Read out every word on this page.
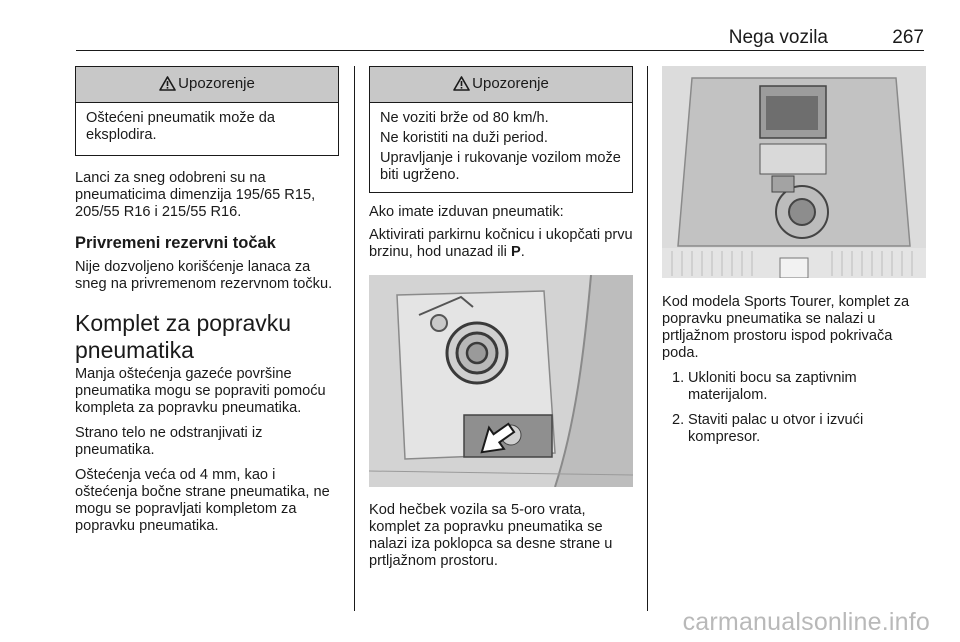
Nega vozila	267
Upozorenje

Oštećeni pneumatik može da eksplodira.

Lanci za sneg odobreni su na pneumaticima dimenzija 195/65 R15, 205/55 R16 i 215/55 R16.

Privremeni rezervni točak

Nije dozvoljeno korišćenje lanaca za sneg na privremenom rezervnom točku.

Komplet za popravku pneumatika

Manja oštećenja gazeće površine pneumatika mogu se popraviti pomoću kompleta za popravku pneumatika.

Strano telo ne odstranjivati iz pneumatika.

Oštećenja veća od 4 mm, kao i oštećenja bočne strane pneumatika, ne mogu se popravljati kompletom za popravku pneumatika.

Upozorenje

Ne voziti brže od 80 km/h.

Ne koristiti na duži period.

Upravljanje i rukovanje vozilom može biti ugrženo.

Ako imate izduvan pneumatik:

Aktivirati parkirnu kočnicu i ukopčati prvu brzinu, hod unazad ili P.

Kod hečbek vozila sa 5-oro vrata, komplet za popravku pneumatika se nalazi iza poklopca sa desne strane u prtljažnom prostoru.

Kod modela Sports Tourer, komplet za popravku pneumatika se nalazi u prtljažnom prostoru ispod pokrivača poda.

1. Ukloniti bocu sa zaptivnim materijalom.
2. Staviti palac u otvor i izvući kompresor.
carmanualsonline.info
